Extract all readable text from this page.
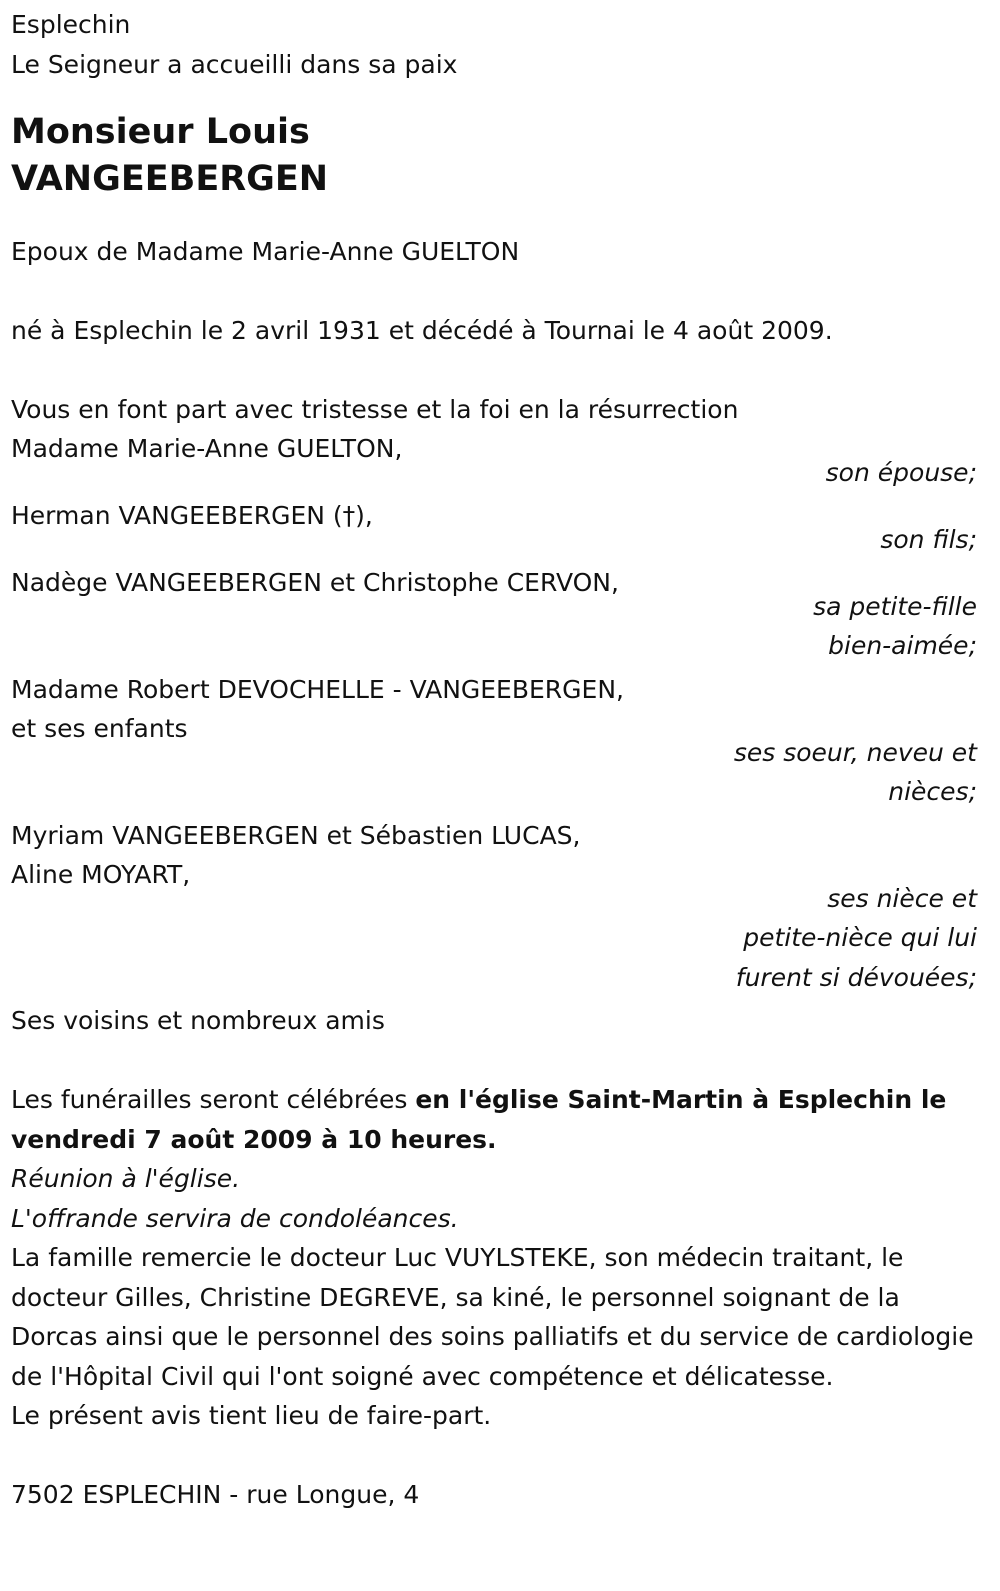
Esplechin
Le Seigneur a accueilli dans sa paix
Monsieur Louis
VANGEEBERGEN
Epoux de Madame Marie-Anne GUELTON
né à Esplechin le 2 avril 1931 et décédé à Tournai le 4 août 2009.
Vous en font part avec tristesse et la foi en la résurrection
Madame Marie-Anne GUELTON,
son épouse;
Herman VANGEEBERGEN (†),
son fils;
Nadège VANGEEBERGEN et Christophe CERVON,
sa petite-fille
bien-aimée;
Madame Robert DEVOCHELLE - VANGEEBERGEN,
et ses enfants
ses soeur, neveu et
nièces;
Myriam VANGEEBERGEN et Sébastien LUCAS,
Aline MOYART,
ses nièce et
petite-nièce qui lui
furent si dévouées;
Ses voisins et nombreux amis
Les funérailles seront célébrées en l'église Saint-Martin à Esplechin le vendredi 7 août 2009 à 10 heures.
Réunion à l'église.
L'offrande servira de condoléances.
La famille remercie le docteur Luc VUYLSTEKE, son médecin traitant, le docteur Gilles, Christine DEGREVE, sa kiné, le personnel soignant de la Dorcas ainsi que le personnel des soins palliatifs et du service de cardiologie de l'Hôpital Civil qui l'ont soigné avec compétence et délicatesse.
Le présent avis tient lieu de faire-part.
7502 ESPLECHIN - rue Longue, 4
